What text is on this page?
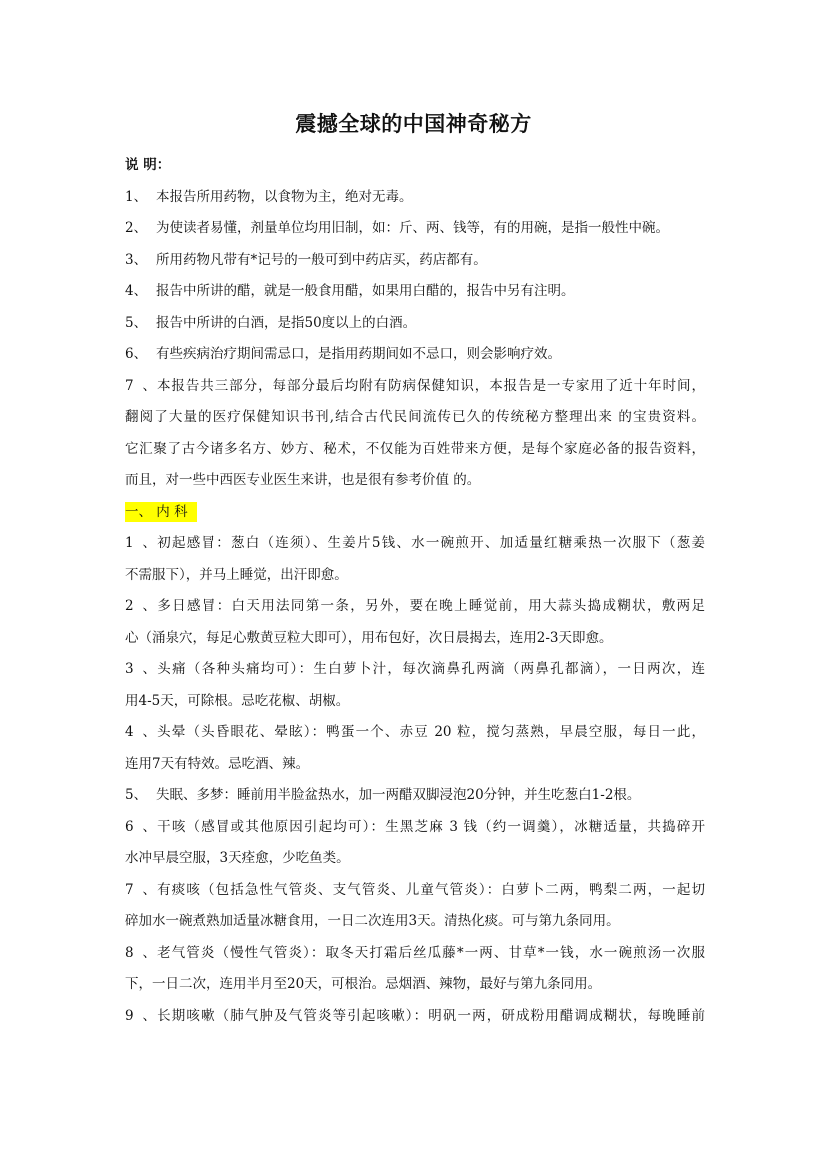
震撼全球的中国神奇秘方
说 明：
1、 本报告所用药物，以食物为主，绝对无毒。
2、 为使读者易懂，剂量单位均用旧制，如：斤、两、钱等，有的用碗，是指一般性中碗。
3、 所用药物凡带有*记号的一般可到中药店买，药店都有。
4、 报告中所讲的醋，就是一般食用醋，如果用白醋的，报告中另有注明。
5、 报告中所讲的白酒，是指50度以上的白酒。
6、 有些疾病治疗期间需忌口，是指用药期间如不忌口，则会影响疗效。
7、本报告共三部分，每部分最后均附有防病保健知识，本报告是一专家用了近十年时间，
翻阅了大量的医疗保健知识书刊,结合古代民间流传已久的传统秘方整理出来 的宝贵资料。
它汇聚了古今诸多名方、妙方、秘术，不仅能为百姓带来方便，是每个家庭必备的报告资料，
而且，对一些中西医专业医生来讲，也是很有参考价值 的。
一、 内 科
1、初起感冒：葱白（连须）、生姜片5钱、水一碗煎开、加适量红糖乘热一次服下（葱姜
不需服下），并马上睡觉，出汗即愈。
2、多日感冒：白天用法同第一条，另外，要在晚上睡觉前，用大蒜头捣成糊状，敷两足
心（涌泉穴，每足心敷黄豆粒大即可），用布包好，次日晨揭去，连用2-3天即愈。
3、头痛（各种头痛均可）：生白萝卜汁，每次滴鼻孔两滴（两鼻孔都滴），一日两次，连
用4-5天，可除根。忌吃花椒、胡椒。
4、头晕（头昏眼花、晕眩）：鸭蛋一个、赤豆 20 粒，搅匀蒸熟，早晨空服，每日一此，
连用7天有特效。忌吃酒、辣。
5、 失眠、多梦：睡前用半脸盆热水，加一两醋双脚浸泡20分钟，并生吃葱白1-2根。
6、干咳（感冒或其他原因引起均可）：生黑芝麻 3 钱（约一调羹），冰糖适量，共捣碎开
水冲早晨空服，3天痊愈，少吃鱼类。
7、有痰咳（包括急性气管炎、支气管炎、儿童气管炎）：白萝卜二两，鸭梨二两，一起切
碎加水一碗煮熟加适量冰糖食用，一日二次连用3天。清热化痰。可与第九条同用。
8、老气管炎（慢性气管炎）：取冬天打霜后丝瓜藤*一两、甘草*一钱，水一碗煎汤一次服
下，一日二次，连用半月至20天，可根治。忌烟酒、辣物，最好与第九条同用。
9、长期咳嗽（肺气肿及气管炎等引起咳嗽）：明矾一两，研成粉用醋调成糊状，每晚睡前
